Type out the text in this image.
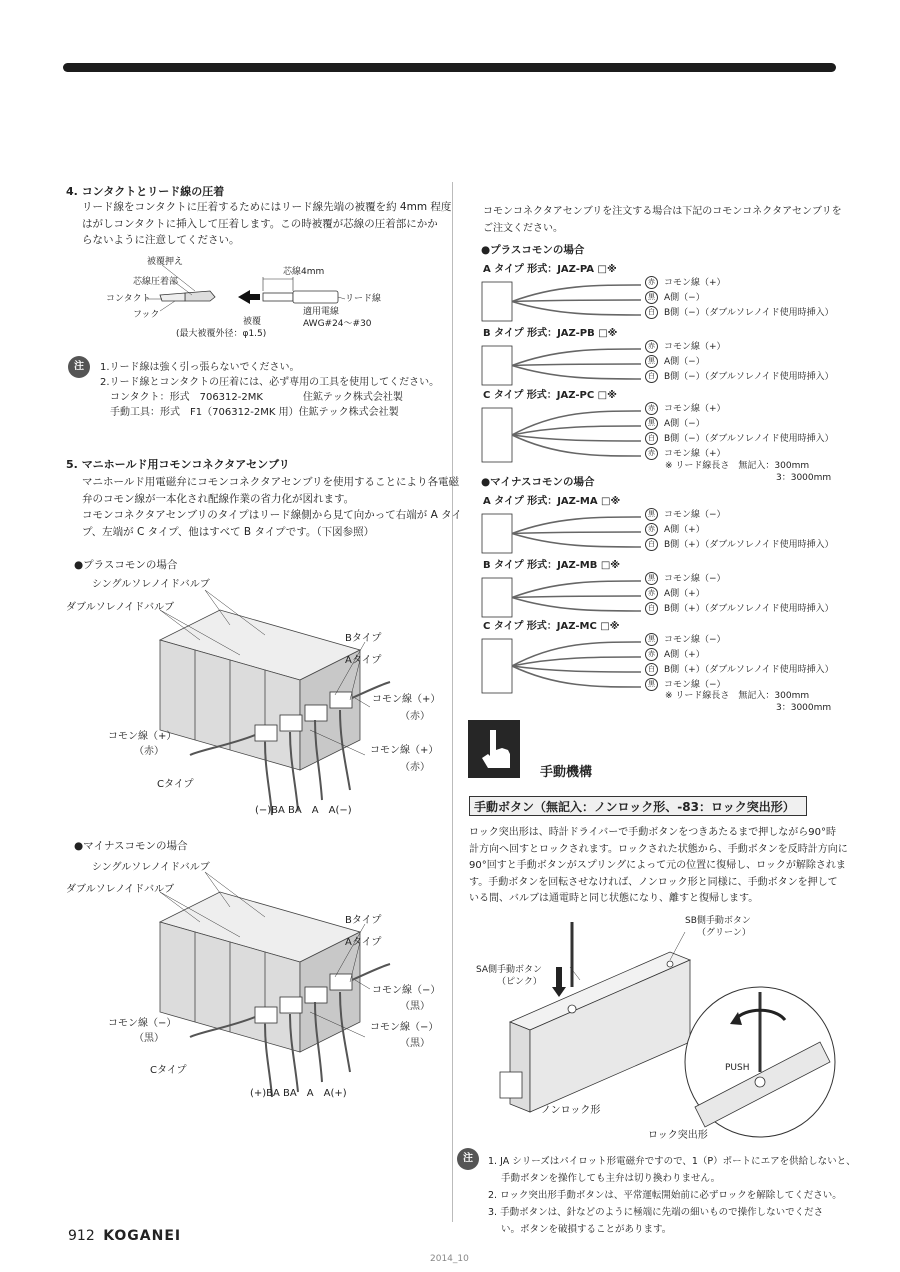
4. コンタクトとリード線の圧着
リード線をコンタクトに圧着するためにはリード線先端の被覆を約 4mm 程度
はがしコンタクトに挿入して圧着します。この時被覆が芯線の圧着部にかか
らないように注意してください。
被覆押え
芯線圧着部
コンタクト
フック
芯線4mm
リード線
被覆
(最大被覆外径：φ1.5)
適用電線
AWG#24〜#30
注	1.リード線は強く引っ張らないでください。
2.リード線とコンタクトの圧着には、必ず専用の工具を使用してください。
コンタクト：形式　706312-2MK　　　　住鉱テック株式会社製
手動工具：形式　F1（706312-2MK 用）住鉱テック株式会社製
5. マニホールド用コモンコネクタアセンブリ
マニホールド用電磁弁にコモンコネクタアセンブリを使用することにより各電磁
弁のコモン線が一本化され配線作業の省力化が図れます。
コモンコネクタアセンブリのタイプはリード線側から見て向かって右端が A タイ
プ、左端が C タイプ、他はすべて B タイプです。（下図参照）
●プラスコモンの場合
シングルソレノイドバルブ
ダブルソレノイドバルブ
Bタイプ
Aタイプ
コモン線（+）
（赤）
コモン線（+）
（赤）	コモン線（+）
（赤）
Cタイプ
(−)BA BA　A　A(−)
●マイナスコモンの場合
シングルソレノイドバルブ
ダブルソレノイドバルブ
Bタイプ
Aタイプ
コモン線（−）
（黒）
コモン線（−）
（黒）
コモン線（−）
（黒）
Cタイプ
(+)BA BA　A　A(+)
コモンコネクタアセンブリを注文する場合は下記のコモンコネクタアセンブリを
ご注文ください。
●プラスコモンの場合
A タイプ 形式：JAZ-PA □※
赤 コモン線（+）
黒 A側（−）
白 B側（−）（ダブルソレノイド使用時挿入）
B タイプ 形式：JAZ-PB □※
赤 コモン線（+）
黒 A側（−）
白 B側（−）（ダブルソレノイド使用時挿入）
C タイプ 形式：JAZ-PC □※
赤 コモン線（+）
黒 A側（−）
白 B側（−）（ダブルソレノイド使用時挿入）
赤 コモン線（+）
A タイプ 形式：JAZ-MA □※
黒 コモン線（−）
赤 A側（+）
白 B側（+）（ダブルソレノイド使用時挿入）
B タイプ 形式：JAZ-MB □※
黒 コモン線（−）
赤 A側（+）
白 B側（+）（ダブルソレノイド使用時挿入）
C タイプ 形式：JAZ-MC □※
黒 コモン線（−）
赤 A側（+）
白 B側（+）（ダブルソレノイド使用時挿入）
黒 コモン線（−）
●マイナスコモンの場合
※ リード線長さ　無記入：300mm
3：3000mm
※ リード線長さ　無記入：300mm
3：3000mm
手動機構
手動ボタン（無記入：ノンロック形、-83：ロック突出形）
ロック突出形は、時計ドライバーで手動ボタンをつきあたるまで押しながら90°時
計方向へ回すとロックされます。ロックされた状態から、手動ボタンを反時計方向に
90°回すと手動ボタンがスプリングによって元の位置に復帰し、ロックが解除されま
す。手動ボタンを回転させなければ、ノンロック形と同様に、手動ボタンを押して
いる間、バルブは通電時と同じ状態になり、離すと復帰します。
SB側手動ボタン
（グリーン）
SA側手動ボタン
（ピンク）
PUSH
ノンロック形
ロック突出形
注	1. JA シリーズはパイロット形電磁弁ですので、1（P）ポートにエアを供給しないと、
手動ボタンを操作しても主弁は切り換わりません。
2. ロック突出形手動ボタンは、平常運転開始前に必ずロックを解除してください。
3. 手動ボタンは、針などのように極端に先端の細いもので操作しないでくださ
い。ボタンを破損することがあります。
912 KOGANEI
2014_10
